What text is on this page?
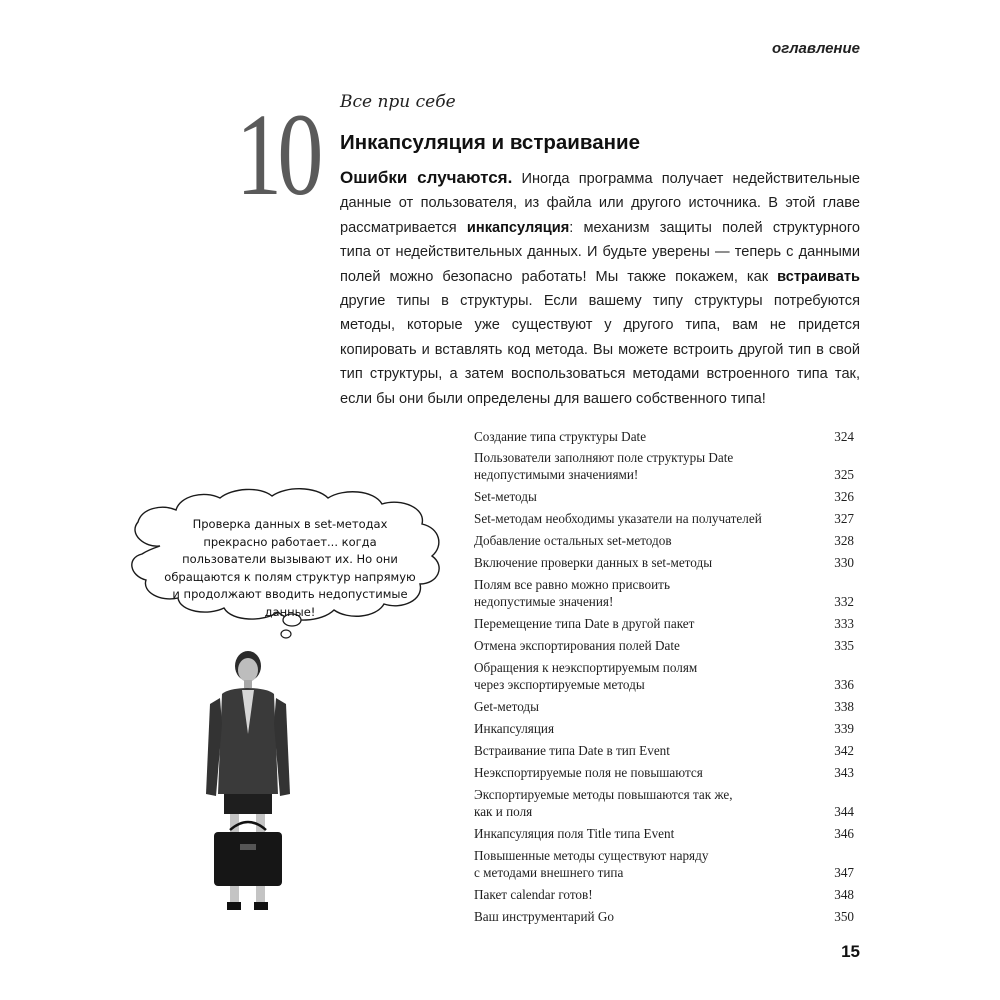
оглавление
10 Все при себе
Инкапсуляция и встраивание

Ошибки случаются. Иногда программа получает недействительные данные от пользователя, из файла или другого источника. В этой главе рассматривается инкапсуляция: механизм защиты полей структурного типа от недействительных данных. И будьте уверены — теперь с данными полей можно безопасно работать! Мы также покажем, как встраивать другие типы в структуры. Если вашему типу структуры потребуются методы, которые уже существуют у другого типа, вам не придется копировать и вставлять код метода. Вы можете встроить другой тип в свой тип структуры, а затем воспользоваться методами встроенного типа так, если бы они были определены для вашего собственного типа!

Проверка данных в set-методах прекрасно работает... когда пользователи вызывают их. Но они обращаются к полям структур напрямую и продолжают вводить недопустимые данные!

Создание типа структуры Date	324
Пользователи заполняют поле структуры Date
недопустимыми значениями!	325
Set-методы	326
Set-методам необходимы указатели на получателей	327
Добавление остальных set-методов	328
Включение проверки данных в set-методы	330
Полям все равно можно присвоить
недопустимые значения!	332
Перемещение типа Date в другой пакет	333
Отмена экспортирования полей Date	335
Обращения к неэкспортируемым полям
через экспортируемые методы	336
Get-методы	338
Инкапсуляция	339
Встраивание типа Date в тип Event	342
Неэкспортируемые поля не повышаются	343
Экспортируемые методы повышаются так же,
как и поля	344
Инкапсуляция поля Title типа Event	346
Повышенные методы существуют наряду
с методами внешнего типа	347
Пакет calendar готов!	348
Ваш инструментарий Go	350
15
